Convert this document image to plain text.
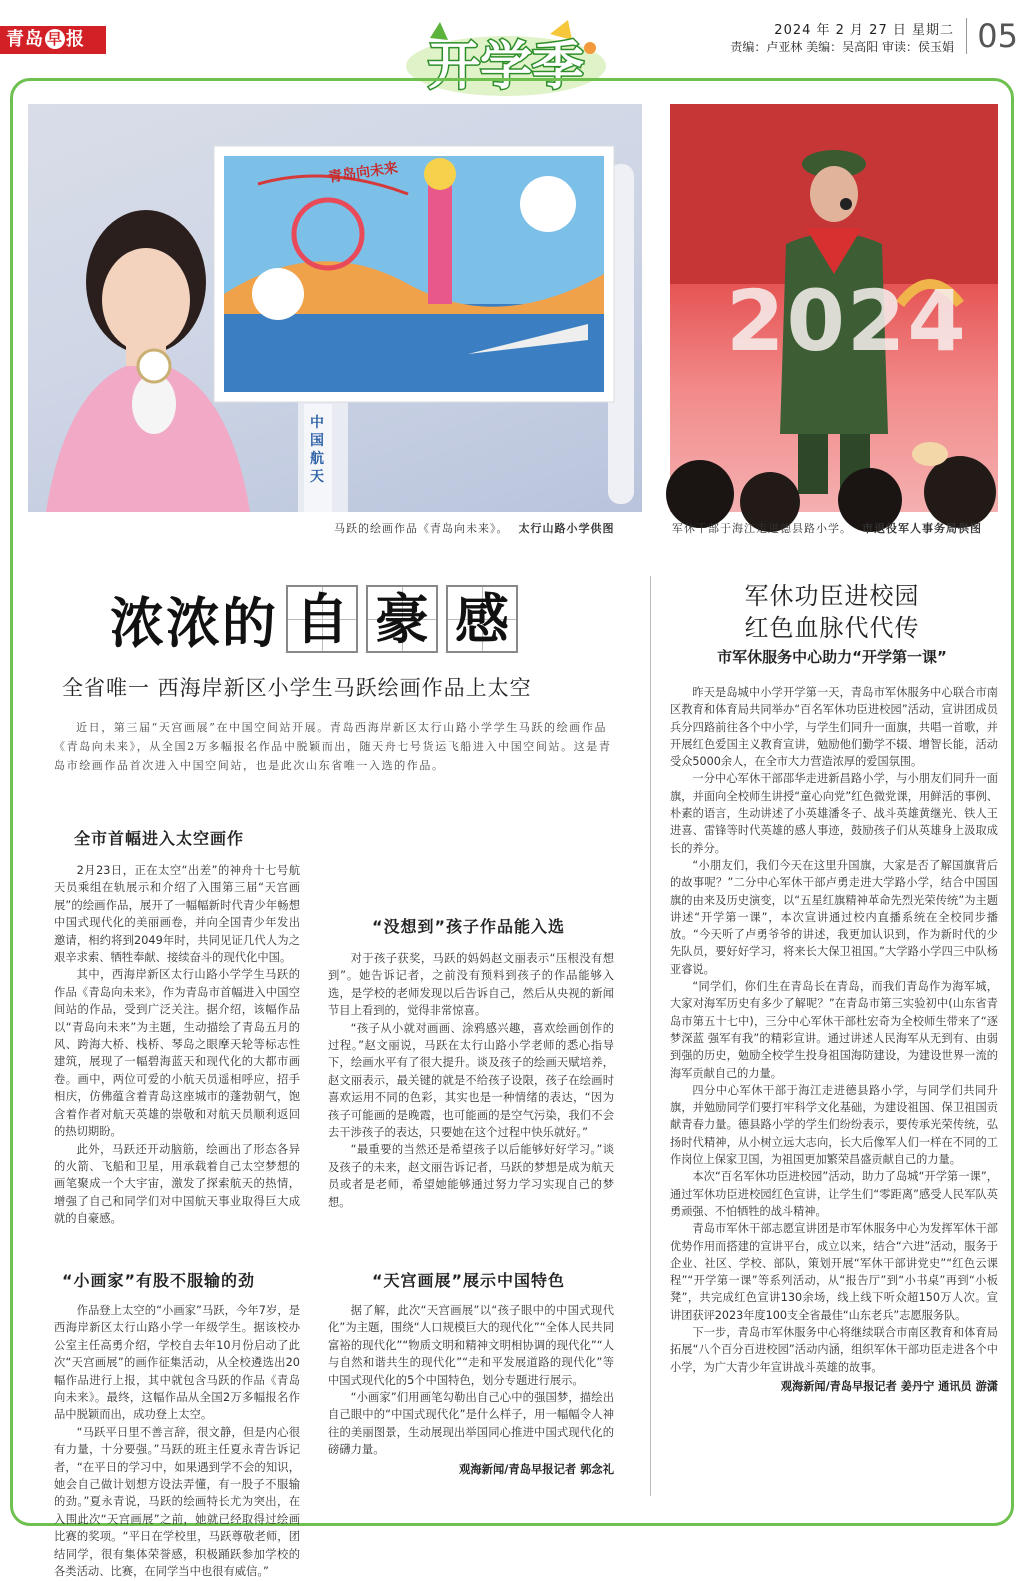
青岛 早 报	开学季
2024 年 2 月 27 日 星期二
责编：卢亚林 美编：吴高阳 审读：侯玉娟 05
青岛向未来
中国航天
马跃的绘画作品《青岛向未来》。 太行山路小学供图
2024
军休干部于海江走进德县路小学。 市退役军人事务局供图
浓浓的 自 豪 感
全省唯一 西海岸新区小学生马跃绘画作品上太空
近日，第三届“天宫画展”在中国空间站开展。青岛西海岸新区太行山路小学学生马跃的绘画作品《青岛向未来》，从全国2万多幅报名作品中脱颖而出，随天舟七号货运飞船进入中国空间站。这是青岛市绘画作品首次进入中国空间站，也是此次山东省唯一入选的作品。
全市首幅进入太空画作

2月23日，正在太空“出差”的神舟十七号航天员乘组在轨展示和介绍了入围第三届“天宫画展”的绘画作品，展开了一幅幅新时代青少年畅想中国式现代化的美丽画卷，并向全国青少年发出邀请，相约将到2049年时，共同见证几代人为之艰辛求索、牺牲奉献、接续奋斗的现代化中国。

其中，西海岸新区太行山路小学学生马跃的作品《青岛向未来》，作为青岛市首幅进入中国空间站的作品，受到广泛关注。据介绍，该幅作品以“青岛向未来”为主题，生动描绘了青岛五月的风、跨海大桥、栈桥、琴岛之眼摩天轮等标志性建筑，展现了一幅碧海蓝天和现代化的大都市画卷。画中，两位可爱的小航天员遥相呼应，招手相庆，仿佛蕴含着青岛这座城市的蓬勃朝气，饱含着作者对航天英雄的崇敬和对航天员顺利返回的热切期盼。

此外，马跃还开动脑筋，绘画出了形态各异的火箭、飞船和卫星，用承载着自己太空梦想的画笔聚成一个大宇宙，激发了探索航天的热情，增强了自己和同学们对中国航天事业取得巨大成就的自豪感。

“小画家”有股不服输的劲

作品登上太空的“小画家”马跃，今年7岁，是西海岸新区太行山路小学一年级学生。据该校办公室主任高勇介绍，学校自去年10月份启动了此次“天宫画展”的画作征集活动，从全校遴选出20幅作品进行上报，其中就包含马跃的作品《青岛向未来》。最终，这幅作品从全国2万多幅报名作品中脱颖而出，成功登上太空。

“马跃平日里不善言辞，很文静，但是内心很有力量，十分要强。”马跃的班主任夏永青告诉记者，“在平日的学习中，如果遇到学不会的知识，她会自己做计划想方设法弄懂，有一股子不服输的劲。”夏永青说，马跃的绘画特长尤为突出，在入围此次“天宫画展”之前，她就已经取得过绘画比赛的奖项。“平日在学校里，马跃尊敬老师，团结同学，很有集体荣誉感，积极踊跃参加学校的各类活动、比赛，在同学当中也很有威信。”

“没想到”孩子作品能入选

对于孩子获奖，马跃的妈妈赵文丽表示“压根没有想到”。她告诉记者，之前没有预料到孩子的作品能够入选，是学校的老师发现以后告诉自己，然后从央视的新闻节目上看到的，觉得非常惊喜。

“孩子从小就对画画、涂鸦感兴趣，喜欢绘画创作的过程。”赵文丽说，马跃在太行山路小学老师的悉心指导下，绘画水平有了很大提升。谈及孩子的绘画天赋培养，赵文丽表示，最关键的就是不给孩子设限，孩子在绘画时喜欢运用不同的色彩，其实也是一种情绪的表达，“因为孩子可能画的是晚霞，也可能画的是空气污染，我们不会去干涉孩子的表达，只要她在这个过程中快乐就好。”

“最重要的当然还是希望孩子以后能够好好学习。”谈及孩子的未来，赵文丽告诉记者，马跃的梦想是成为航天员或者是老师，希望她能够通过努力学习实现自己的梦想。

“天宫画展”展示中国特色

据了解，此次“天宫画展”以“孩子眼中的中国式现代化”为主题，围绕“人口规模巨大的现代化”“全体人民共同富裕的现代化”“物质文明和精神文明相协调的现代化”“人与自然和谐共生的现代化”“走和平发展道路的现代化”等中国式现代化的5个中国特色，划分专题进行展示。

“小画家”们用画笔勾勒出自己心中的强国梦，描绘出自己眼中的“中国式现代化”是什么样子，用一幅幅令人神往的美丽图景，生动展现出举国同心推进中国式现代化的磅礴力量。

观海新闻/青岛早报记者 郭念礼
军休功臣进校园
红色血脉代代传
市军休服务中心助力“开学第一课”

昨天是岛城中小学开学第一天，青岛市军休服务中心联合市南区教育和体育局共同举办“百名军休功臣进校园”活动，宣讲团成员兵分四路前往各个中小学，与学生们同升一面旗，共唱一首歌，并开展红色爱国主义教育宣讲，勉励他们勤学不辍、增智长能，活动受众5000余人，在全市大力营造浓厚的爱国氛围。

一分中心军休干部邵华走进新昌路小学，与小朋友们同升一面旗，并面向全校师生讲授“童心向党”红色微党课，用鲜活的事例、朴素的语言，生动讲述了小英雄潘冬子、战斗英雄黄继光、铁人王进喜、雷锋等时代英雄的感人事迹，鼓励孩子们从英雄身上汲取成长的养分。

“小朋友们，我们今天在这里升国旗，大家是否了解国旗背后的故事呢？”二分中心军休干部卢勇走进大学路小学，结合中国国旗的由来及历史演变，以“五星红旗精神革命先烈光荣传统”为主题讲述“开学第一课”，本次宣讲通过校内直播系统在全校同步播放。“今天听了卢勇爷爷的讲述，我更加认识到，作为新时代的少先队员，要好好学习，将来长大保卫祖国。”大学路小学四三中队杨亚睿说。

“同学们，你们生在青岛长在青岛，而我们青岛作为海军城，大家对海军历史有多少了解呢？”在青岛市第三实验初中(山东省青岛市第五十七中)，三分中心军休干部杜宏奇为全校师生带来了“逐梦深蓝 强军有我”的精彩宣讲。通过讲述人民海军从无到有、由弱到强的历史，勉励全校学生投身祖国海防建设，为建设世界一流的海军贡献自己的力量。

四分中心军休干部于海江走进德县路小学，与同学们共同升旗，并勉励同学们要打牢科学文化基础，为建设祖国、保卫祖国贡献青春力量。德县路小学的学生们纷纷表示，要传承光荣传统，弘扬时代精神，从小树立远大志向，长大后像军人们一样在不同的工作岗位上保家卫国，为祖国更加繁荣昌盛贡献自己的力量。

本次“百名军休功臣进校园”活动，助力了岛城“开学第一课”，通过军休功臣进校园红色宣讲，让学生们“零距离”感受人民军队英勇顽强、不怕牺牲的战斗精神。

青岛市军休干部志愿宣讲团是市军休服务中心为发挥军休干部优势作用而搭建的宣讲平台，成立以来，结合“六进”活动，服务于企业、社区、学校、部队，策划开展“军休干部讲党史”“红色云课程”“开学第一课”等系列活动，从“报告厅”到“小书桌”再到“小板凳”，共完成红色宣讲130余场，线上线下听众超150万人次。宣讲团获评2023年度100支全省最佳“山东老兵”志愿服务队。

下一步，青岛市军休服务中心将继续联合市南区教育和体育局拓展“八个百分百进校园”活动内涵，组织军休干部功臣走进各个中小学，为广大青少年宣讲战斗英雄的故事。

观海新闻/青岛早报记者 姜丹宁 通讯员 游潇
